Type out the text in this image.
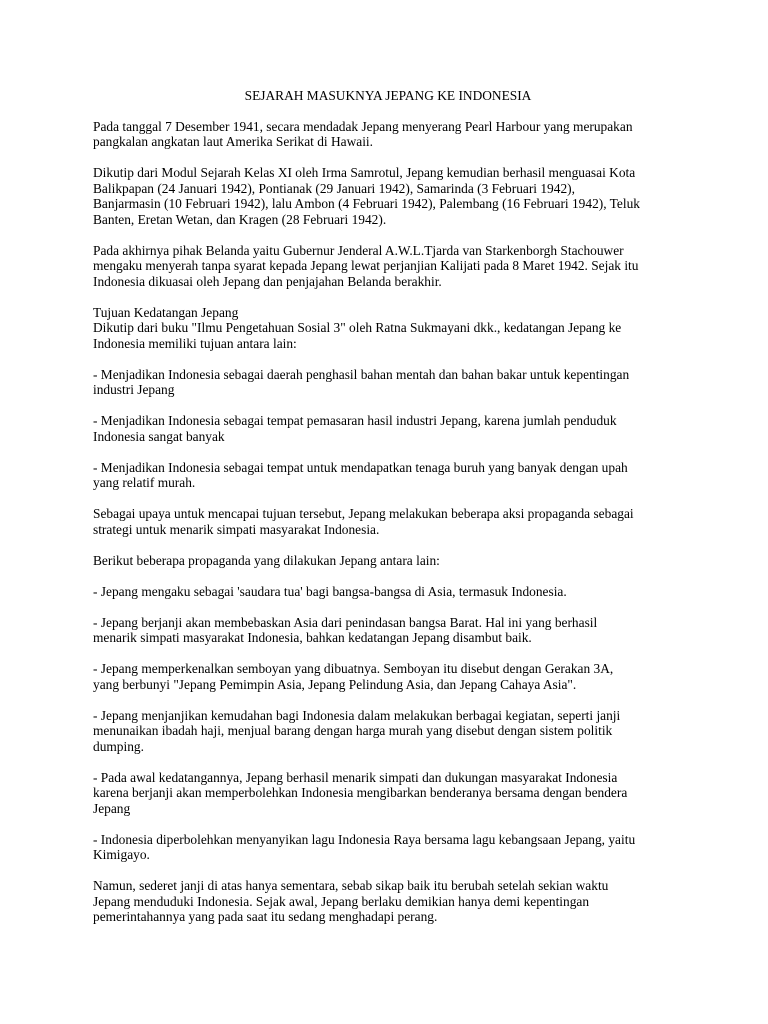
SEJARAH MASUKNYA JEPANG KE INDONESIA

Pada tanggal 7 Desember 1941, secara mendadak Jepang menyerang Pearl Harbour yang merupakan
pangkalan angkatan laut Amerika Serikat di Hawaii.

Dikutip dari Modul Sejarah Kelas XI oleh Irma Samrotul, Jepang kemudian berhasil menguasai Kota
Balikpapan (24 Januari 1942), Pontianak (29 Januari 1942), Samarinda (3 Februari 1942),
Banjarmasin (10 Februari 1942), lalu Ambon (4 Februari 1942), Palembang (16 Februari 1942), Teluk
Banten, Eretan Wetan, dan Kragen (28 Februari 1942).

Pada akhirnya pihak Belanda yaitu Gubernur Jenderal A.W.L.Tjarda van Starkenborgh Stachouwer
mengaku menyerah tanpa syarat kepada Jepang lewat perjanjian Kalijati pada 8 Maret 1942. Sejak itu
Indonesia dikuasai oleh Jepang dan penjajahan Belanda berakhir.

Tujuan Kedatangan Jepang
Dikutip dari buku "Ilmu Pengetahuan Sosial 3" oleh Ratna Sukmayani dkk., kedatangan Jepang ke
Indonesia memiliki tujuan antara lain:

- Menjadikan Indonesia sebagai daerah penghasil bahan mentah dan bahan bakar untuk kepentingan
industri Jepang

- Menjadikan Indonesia sebagai tempat pemasaran hasil industri Jepang, karena jumlah penduduk
Indonesia sangat banyak

- Menjadikan Indonesia sebagai tempat untuk mendapatkan tenaga buruh yang banyak dengan upah
yang relatif murah.

Sebagai upaya untuk mencapai tujuan tersebut, Jepang melakukan beberapa aksi propaganda sebagai
strategi untuk menarik simpati masyarakat Indonesia.

Berikut beberapa propaganda yang dilakukan Jepang antara lain:

- Jepang mengaku sebagai 'saudara tua' bagi bangsa-bangsa di Asia, termasuk Indonesia.

- Jepang berjanji akan membebaskan Asia dari penindasan bangsa Barat. Hal ini yang berhasil
menarik simpati masyarakat Indonesia, bahkan kedatangan Jepang disambut baik.

- Jepang memperkenalkan semboyan yang dibuatnya. Semboyan itu disebut dengan Gerakan 3A,
yang berbunyi "Jepang Pemimpin Asia, Jepang Pelindung Asia, dan Jepang Cahaya Asia".

- Jepang menjanjikan kemudahan bagi Indonesia dalam melakukan berbagai kegiatan, seperti janji
menunaikan ibadah haji, menjual barang dengan harga murah yang disebut dengan sistem politik
dumping.

- Pada awal kedatangannya, Jepang berhasil menarik simpati dan dukungan masyarakat Indonesia
karena berjanji akan memperbolehkan Indonesia mengibarkan benderanya bersama dengan bendera
Jepang

- Indonesia diperbolehkan menyanyikan lagu Indonesia Raya bersama lagu kebangsaan Jepang, yaitu
Kimigayo.

Namun, sederet janji di atas hanya sementara, sebab sikap baik itu berubah setelah sekian waktu
Jepang menduduki Indonesia. Sejak awal, Jepang berlaku demikian hanya demi kepentingan
pemerintahannya yang pada saat itu sedang menghadapi perang.
